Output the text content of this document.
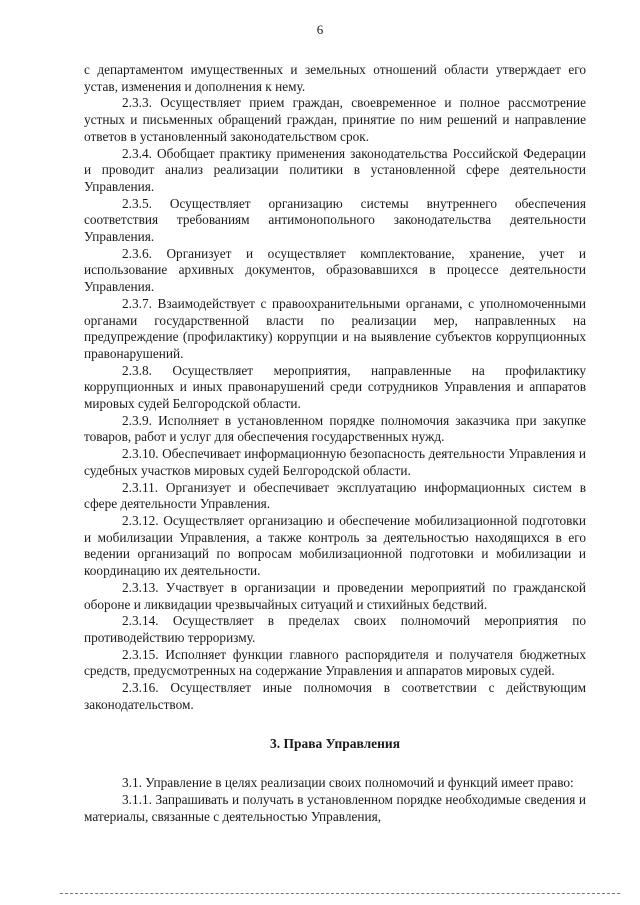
6

с департаментом имущественных и земельных отношений области утверждает его устав, изменения и дополнения к нему.

2.3.3. Осуществляет прием граждан, своевременное и полное рассмотрение устных и письменных обращений граждан, принятие по ним решений и направление ответов в установленный законодательством срок.

2.3.4. Обобщает практику применения законодательства Российской Федерации и проводит анализ реализации политики в установленной сфере деятельности Управления.

2.3.5. Осуществляет организацию системы внутреннего обеспечения соответствия требованиям антимонопольного законодательства деятельности Управления.

2.3.6. Организует и осуществляет комплектование, хранение, учет и использование архивных документов, образовавшихся в процессе деятельности Управления.

2.3.7. Взаимодействует с правоохранительными органами, с уполномоченными органами государственной власти по реализации мер, направленных на предупреждение (профилактику) коррупции и на выявление субъектов коррупционных правонарушений.

2.3.8. Осуществляет мероприятия, направленные на профилактику коррупционных и иных правонарушений среди сотрудников Управления и аппаратов мировых судей Белгородской области.

2.3.9. Исполняет в установленном порядке полномочия заказчика при закупке товаров, работ и услуг для обеспечения государственных нужд.

2.3.10. Обеспечивает информационную безопасность деятельности Управления и судебных участков мировых судей Белгородской области.

2.3.11. Организует и обеспечивает эксплуатацию информационных систем в сфере деятельности Управления.

2.3.12. Осуществляет организацию и обеспечение мобилизационной подготовки и мобилизации Управления, а также контроль за деятельностью находящихся в его ведении организаций по вопросам мобилизационной подготовки и мобилизации и координацию их деятельности.

2.3.13. Участвует в организации и проведении мероприятий по гражданской обороне и ликвидации чрезвычайных ситуаций и стихийных бедствий.

2.3.14. Осуществляет в пределах своих полномочий мероприятия по противодействию терроризму.

2.3.15. Исполняет функции главного распорядителя и получателя бюджетных средств, предусмотренных на содержание Управления и аппаратов мировых судей.

2.3.16. Осуществляет иные полномочия в соответствии с действующим законодательством.

3. Права Управления

3.1. Управление в целях реализации своих полномочий и функций имеет право:

3.1.1. Запрашивать и получать в установленном порядке необходимые сведения и материалы, связанные с деятельностью Управления,
